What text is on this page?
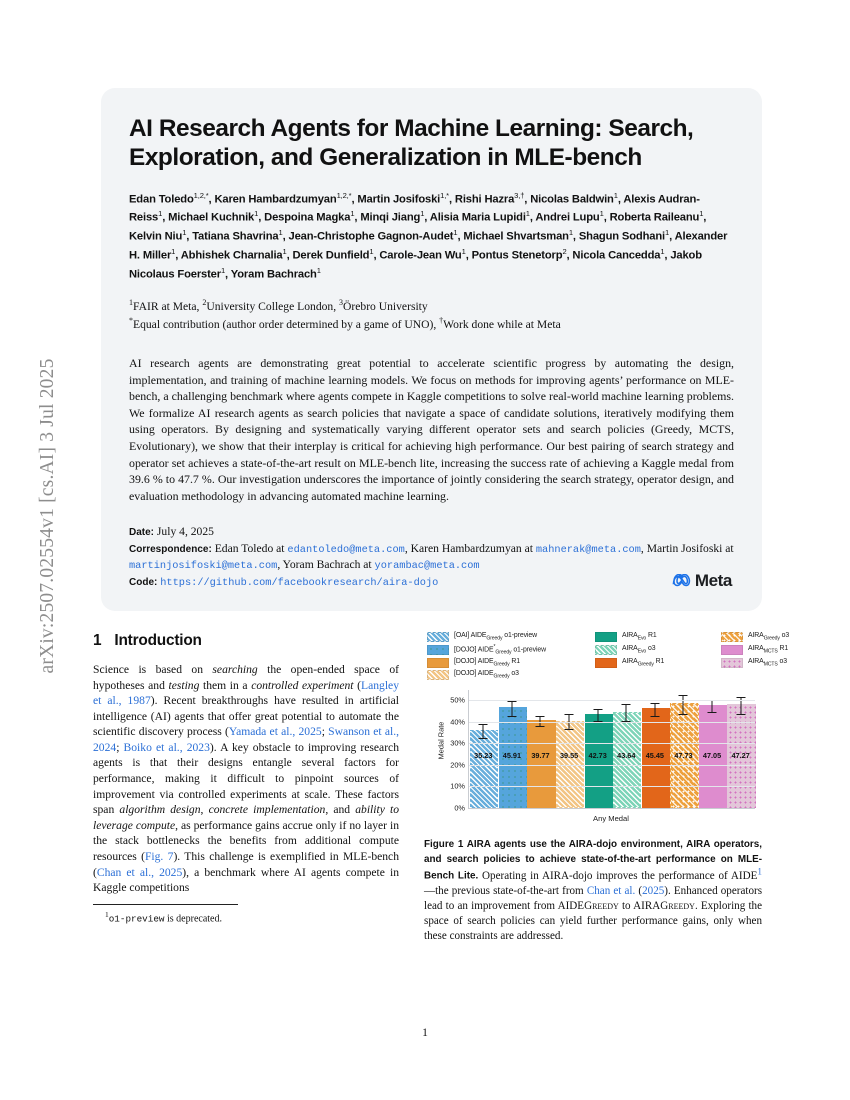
arXiv:2507.02554v1 [cs.AI] 3 Jul 2025
AI Research Agents for Machine Learning: Search, Exploration, and Generalization in MLE-bench
Edan Toledo$^{1,2,*}$, Karen Hambardzumyan$^{1,2,*}$, Martin Josifoski$^{1,*}$, Rishi Hazra$^{3,\dagger}$, Nicolas Baldwin$^1$, Alexis Audran-Reiss$^1$, Michael Kuchnik$^1$, Despoina Magka$^1$, Minqi Jiang$^1$, Alisia Maria Lupidi$^1$, Andrei Lupu$^1$, Roberta Raileanu$^1$, Kelvin Niu$^1$, Tatiana Shavrina$^1$, Jean-Christophe Gagnon-Audet$^1$, Michael Shvartsman$^1$, Shagun Sodhani$^1$, Alexander H. Miller$^1$, Abhishek Charnalia$^1$, Derek Dunfield$^1$, Carole-Jean Wu$^1$, Pontus Stenetorp$^2$, Nicola Cancedda$^1$, Jakob Nicolaus Foerster$^1$, Yoram Bachrach$^1$
$^1$FAIR at Meta, $^2$University College London, $^3$Örebro University
*Equal contribution (author order determined by a game of UNO), †Work done while at Meta
AI research agents are demonstrating great potential to accelerate scientific progress by automating the design, implementation, and training of machine learning models. We focus on methods for improving agents’ performance on MLE-bench, a challenging benchmark where agents compete in Kaggle competitions to solve real-world machine learning problems. We formalize AI research agents as search policies that navigate a space of candidate solutions, iteratively modifying them using operators. By designing and systematically varying different operator sets and search policies (Greedy, MCTS, Evolutionary), we show that their interplay is critical for achieving high performance. Our best pairing of search strategy and operator set achieves a state-of-the-art result on MLE-bench lite, increasing the success rate of achieving a Kaggle medal from 39.6 % to 47.7 %. Our investigation underscores the importance of jointly considering the search strategy, operator design, and evaluation methodology in advancing automated machine learning.
Date: July 4, 2025
Correspondence: Edan Toledo at edantoledo@meta.com, Karen Hambardzumyan at mahnerak@meta.com, Martin Josifoski at martinjosifoski@meta.com, Yoram Bachrach at yorambac@meta.com
Code: https://github.com/facebookresearch/aira-dojo	Meta
1 Introduction
Science is based on searching the open-ended space of hypotheses and testing them in a controlled experiment (Langley et al., 1987). Recent breakthroughs have resulted in artificial intelligence (AI) agents that offer great potential to automate the scientific discovery process (Yamada et al., 2025; Swanson et al., 2024; Boiko et al., 2023). A key obstacle to improving research agents is that their designs entangle several factors for performance, making it difficult to pinpoint sources of improvement via controlled experiments at scale. These factors span algorithm design, concrete implementation, and ability to leverage compute, as performance gains accrue only if no layer in the stack bottlenecks the benefits from additional compute resources (Fig. 7). This challenge is exemplified in MLE-bench (Chan et al., 2025), a benchmark where AI agents compete in Kaggle competitions
$^1$o1-preview is deprecated.
[OAI] $AIDE_{Greedy}$ o1-preview	$AIRA_{Evo}$ R1	$AIRA_{Greedy}$ o3
[DOJO] $AIDE^*_{Greedy}$ o1-preview	$AIRA_{Evo}$ o3	$AIRA_{MCTS}$ R1
[DOJO] $AIDE_{Greedy}$ R1	$AIRA_{Greedy}$ R1	$AIRA_{MCTS}$ o3
[DOJO] $AIDE_{Greedy}$ o3
Medal Rate	35.23 45.91 39.77 39.55 42.73 43.64 45.45 47.73 47.05 47.27
0%
10%
20%
30%
40%
50%
Any Medal
Figure 1 AIRA agents use the AIRA-dojo environment, AIRA operators, and search policies to achieve state-of-the-art performance on MLE-Bench Lite. Operating in AIRA-dojo improves the performance of AIDE$^1$—the previous state-of-the-art from Chan et al. (2025). Enhanced operators lead to an improvement from AIDEGreedy to AIRAGreedy. Exploring the space of search policies can yield further performance gains, only when these constraints are addressed.
1
